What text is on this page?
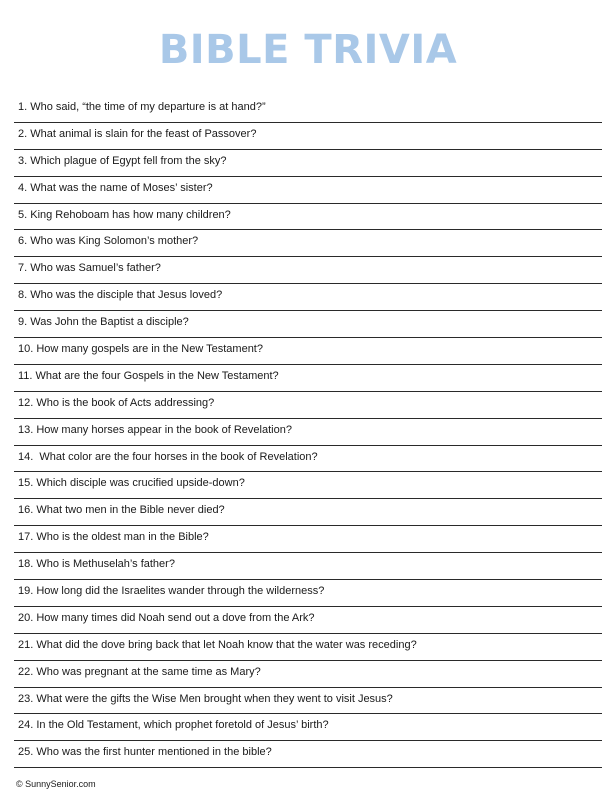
BIBLE TRIVIA
1. Who said, “the time of my departure is at hand?”
2. What animal is slain for the feast of Passover?
3. Which plague of Egypt fell from the sky?
4. What was the name of Moses’ sister?
5. King Rehoboam has how many children?
6. Who was King Solomon’s mother?
7. Who was Samuel’s father?
8. Who was the disciple that Jesus loved?
9. Was John the Baptist a disciple?
10. How many gospels are in the New Testament?
11. What are the four Gospels in the New Testament?
12. Who is the book of Acts addressing?
13. How many horses appear in the book of Revelation?
14.  What color are the four horses in the book of Revelation?
15. Which disciple was crucified upside-down?
16. What two men in the Bible never died?
17. Who is the oldest man in the Bible?
18. Who is Methuselah’s father?
19. How long did the Israelites wander through the wilderness?
20. How many times did Noah send out a dove from the Ark?
21. What did the dove bring back that let Noah know that the water was receding?
22. Who was pregnant at the same time as Mary?
23. What were the gifts the Wise Men brought when they went to visit Jesus?
24. In the Old Testament, which prophet foretold of Jesus’ birth?
25. Who was the first hunter mentioned in the bible?
© SunnySenior.com
